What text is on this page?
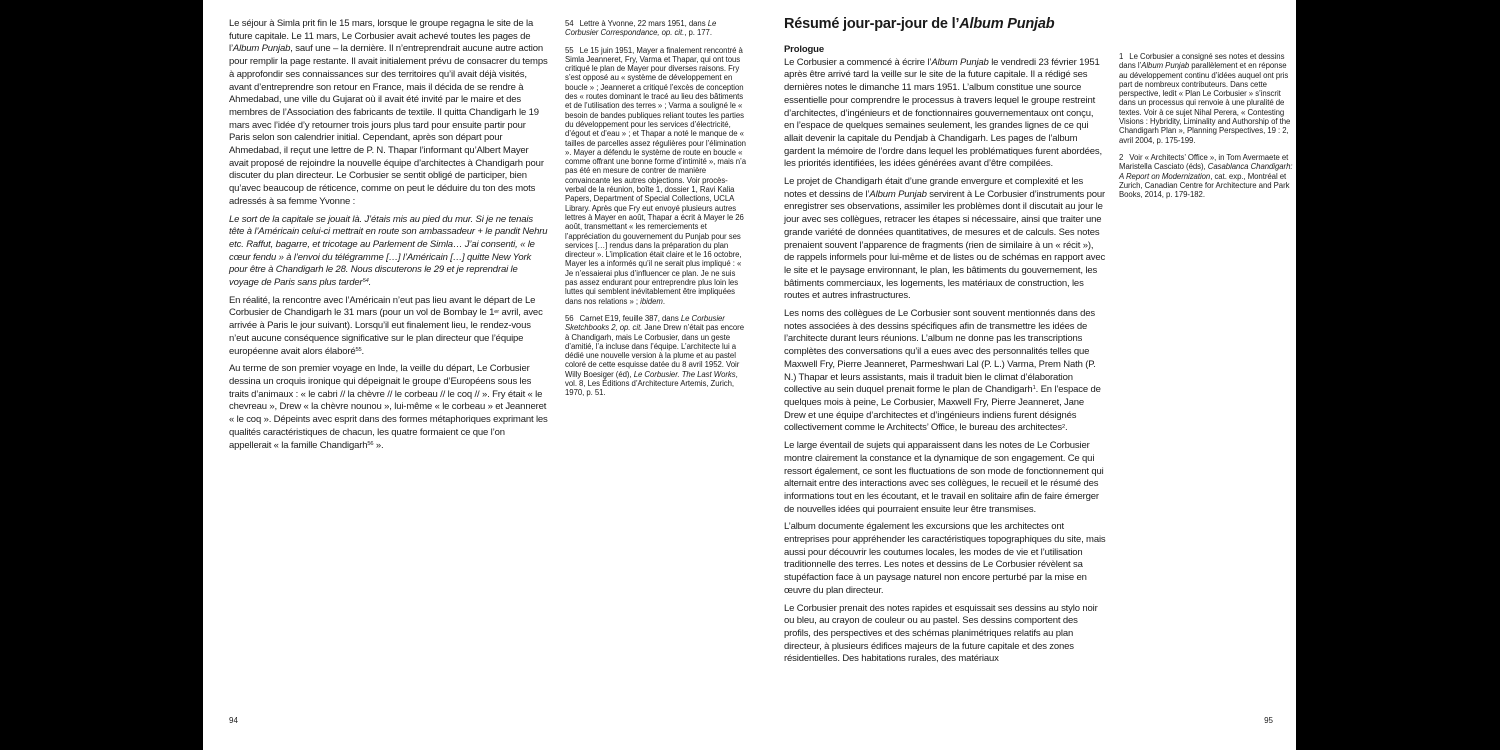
Le séjour à Simla prit fin le 15 mars, lorsque le groupe regagna le site de la future capitale. Le 11 mars, Le Corbusier avait achevé toutes les pages de l’Album Punjab, sauf une – la dernière. Il n’entreprendrait aucune autre action pour remplir la page restante. Il avait initialement prévu de consacrer du temps à approfondir ses connaissances sur des territoires qu’il avait déjà visités, avant d’entreprendre son retour en France, mais il décida de se rendre à Ahmedabad, une ville du Gujarat où il avait été invité par le maire et des membres de l’Association des fabricants de textile. Il quitta Chandigarh le 19 mars avec l’idée d’y retourner trois jours plus tard pour ensuite partir pour Paris selon son calendrier initial. Cependant, après son départ pour Ahmedabad, il reçut une lettre de P. N. Thapar l’informant qu’Albert Mayer avait proposé de rejoindre la nouvelle équipe d’architectes à Chandigarh pour discuter du plan directeur. Le Corbusier se sentit obligé de participer, bien qu’avec beaucoup de réticence, comme on peut le déduire du ton des mots adressés à sa femme Yvonne :

Le sort de la capitale se jouait là. J’étais mis au pied du mur. Si je ne tenais tête à l’Américain celui-ci mettrait en route son ambassadeur + le pandit Nehru etc. Raffut, bagarre, et tricotage au Parlement de Simla… J’ai consenti, « le cœur fendu » à l’envoi du télégramme […] l’Américain […] quitte New York pour être à Chandigarh le 28. Nous discuterons le 29 et je reprendrai le voyage de Paris sans plus tarder$^{54}$.

En réalité, la rencontre avec l’Américain n’eut pas lieu avant le départ de Le Corbusier de Chandigarh le 31 mars (pour un vol de Bombay le 1er avril, avec arrivée à Paris le jour suivant). Lorsqu’il eut finalement lieu, le rendez-vous n’eut aucune conséquence significative sur le plan directeur que l’équipe européenne avait alors élaboré$^{55}$.

Au terme de son premier voyage en Inde, la veille du départ, Le Corbusier dessina un croquis ironique qui dépeignait le groupe d’Européens sous les traits d’animaux : « le cabri // la chèvre // le corbeau // le coq // ». Fry était « le chevreau », Drew « la chèvre nounou », lui-même « le corbeau » et Jeanneret « le coq ». Dépeints avec esprit dans des formes métaphoriques exprimant les qualités caractéristiques de chacun, les quatre formaient ce que l’on appellerait « la famille Chandigarh$^{56}$ ».

54 Lettre à Yvonne, 22 mars 1951, dans Le Corbusier Correspondance, op. cit., p. 177.

55 Le 15 juin 1951, Mayer a finalement rencontré à Simla Jeanneret, Fry, Varma et Thapar, qui ont tous critiqué le plan de Mayer pour diverses raisons. Fry s’est opposé au « système de développement en boucle » ; Jeanneret a critiqué l’excès de conception des « routes dominant le tracé au lieu des bâtiments et de l’utilisation des terres » ; Varma a souligné le « besoin de bandes publiques reliant toutes les parties du développement pour les services d’électricité, d’égout et d’eau » ; et Thapar a noté le manque de « tailles de parcelles assez régulières pour l’élimination ». Mayer a défendu le système de route en boucle « comme offrant une bonne forme d’intimité », mais n’a pas été en mesure de contrer de manière convaincante les autres objections. Voir procès-verbal de la réunion, boîte 1, dossier 1, Ravi Kalia Papers, Department of Special Collections, UCLA Library. Après que Fry eut envoyé plusieurs autres lettres à Mayer en août, Thapar a écrit à Mayer le 26 août, transmettant « les remerciements et l’appréciation du gouvernement du Punjab pour ses services […] rendus dans la préparation du plan directeur ». L’implication était claire et le 16 octobre, Mayer les a informés qu’il ne serait plus impliqué : « Je n’essaierai plus d’influencer ce plan. Je ne suis pas assez endurant pour entreprendre plus loin les luttes qui semblent inévitablement être impliquées dans nos relations » ; ibidem.

56 Carnet E19, feuille 387, dans Le Corbusier Sketchbooks 2, op. cit. Jane Drew n’était pas encore à Chandigarh, mais Le Corbusier, dans un geste d’amitié, l’a incluse dans l’équipe. L’architecte lui a dédié une nouvelle version à la plume et au pastel coloré de cette esquisse datée du 8 avril 1952. Voir Willy Boesiger (éd), Le Corbusier. The Last Works, vol. 8, Les Éditions d’Architecture Artemis, Zurich, 1970, p. 51.

94
Résumé jour-par-jour de l’Album Punjab

Prologue

Le Corbusier a commencé à écrire l’Album Punjab le vendredi 23 février 1951 après être arrivé tard la veille sur le site de la future capitale. Il a rédigé ses dernières notes le dimanche 11 mars 1951. L’album constitue une source essentielle pour comprendre le processus à travers lequel le groupe restreint d’architectes, d’ingénieurs et de fonctionnaires gouvernementaux ont conçu, en l’espace de quelques semaines seulement, les grandes lignes de ce qui allait devenir la capitale du Pendjab à Chandigarh. Les pages de l’album gardent la mémoire de l’ordre dans lequel les problématiques furent abordées, les priorités identifiées, les idées générées avant d’être compilées.

Le projet de Chandigarh était d’une grande envergure et complexité et les notes et dessins de l’Album Punjab servirent à Le Corbusier d’instruments pour enregistrer ses observations, assimiler les problèmes dont il discutait au jour le jour avec ses collègues, retracer les étapes si nécessaire, ainsi que traiter une grande variété de données quantitatives, de mesures et de calculs. Ses notes prenaient souvent l’apparence de fragments (rien de similaire à un « récit »), de rappels informels pour lui-même et de listes ou de schémas en rapport avec le site et le paysage environnant, le plan, les bâtiments du gouvernement, les bâtiments commerciaux, les logements, les matériaux de construction, les routes et autres infrastructures.

Les noms des collègues de Le Corbusier sont souvent mentionnés dans des notes associées à des dessins spécifiques afin de transmettre les idées de l’architecte durant leurs réunions. L’album ne donne pas les transcriptions complètes des conversations qu’il a eues avec des personnalités telles que Maxwell Fry, Pierre Jeanneret, Parmeshwari Lal (P. L.) Varma, Prem Nath (P. N.) Thapar et leurs assistants, mais il traduit bien le climat d’élaboration collective au sein duquel prenait forme le plan de Chandigarh$^1$. En l’espace de quelques mois à peine, Le Corbusier, Maxwell Fry, Pierre Jeanneret, Jane Drew et une équipe d’architectes et d’ingénieurs indiens furent désignés collectivement comme le Architects’ Office, le bureau des architectes$^2$.

Le large éventail de sujets qui apparaissent dans les notes de Le Corbusier montre clairement la constance et la dynamique de son engagement. Ce qui ressort également, ce sont les fluctuations de son mode de fonctionnement qui alternait entre des interactions avec ses collègues, le recueil et le résumé des informations tout en les écoutant, et le travail en solitaire afin de faire émerger de nouvelles idées qui pourraient ensuite leur être transmises.

L’album documente également les excursions que les architectes ont entreprises pour appréhender les caractéristiques topographiques du site, mais aussi pour découvrir les coutumes locales, les modes de vie et l’utilisation traditionnelle des terres. Les notes et dessins de Le Corbusier révèlent sa stupéfaction face à un paysage naturel non encore perturbé par la mise en œuvre du plan directeur.

Le Corbusier prenait des notes rapides et esquissait ses dessins au stylo noir ou bleu, au crayon de couleur ou au pastel. Ses dessins comportent des profils, des perspectives et des schémas planimétriques relatifs au plan directeur, à plusieurs édifices majeurs de la future capitale et des zones résidentielles. Des habitations rurales, des matériaux

1 Le Corbusier a consigné ses notes et dessins dans l’Album Punjab parallèlement et en réponse au développement continu d’idées auquel ont pris part de nombreux contributeurs. Dans cette perspective, ledit « Plan Le Corbusier » s’inscrit dans un processus qui renvoie à une pluralité de textes. Voir à ce sujet Nihal Perera, « Contesting Visions : Hybridity, Liminality and Authorship of the Chandigarh Plan », Planning Perspectives, 19 : 2, avril 2004, p. 175-199.

2 Voir « Architects’ Office », in Tom Avermaete et Maristella Casciato (éds), Casablanca Chandigarh: A Report on Modernization, cat. exp., Montréal et Zurich, Canadian Centre for Architecture and Park Books, 2014, p. 179-182.

95
